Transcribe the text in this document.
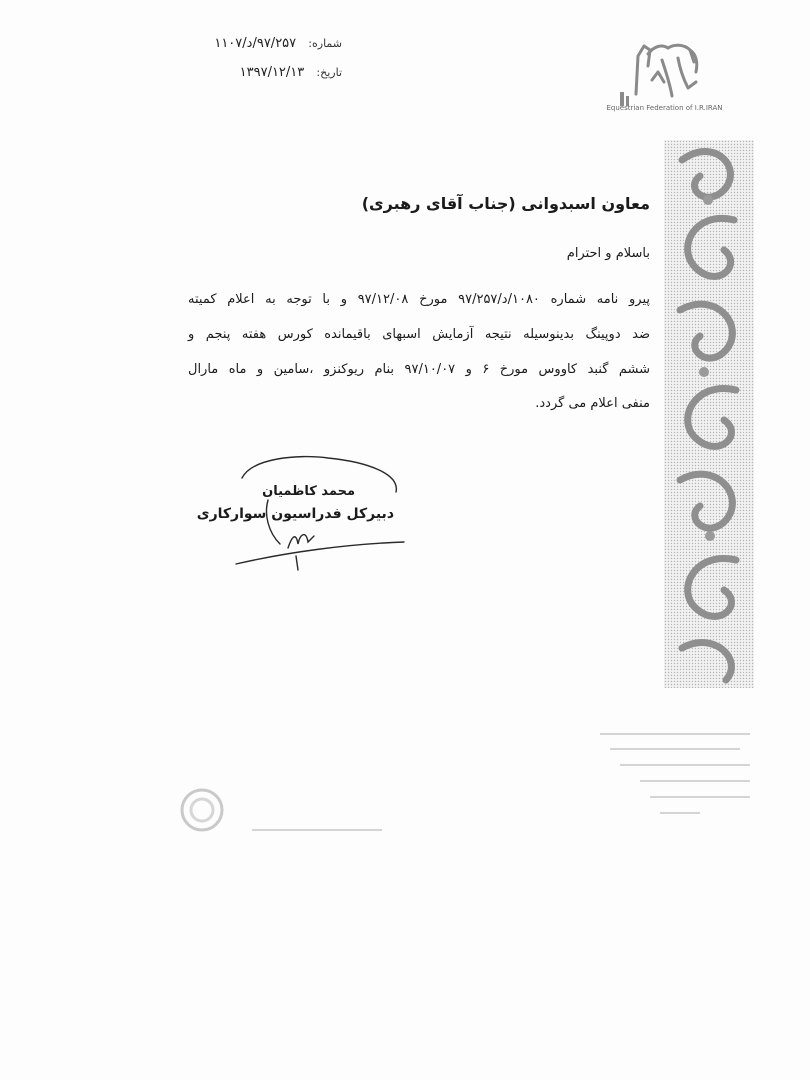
شماره: ۹۷/۲۵۷/د/۱۱۰۷
تاریخ: ۱۳۹۷/۱۲/۱۳
Equestrian Federation of I.R.IRAN
معاون اسبدوانی (جناب آقای رهبری)
باسلام و احترام
پیرو نامه شماره ۱۰۸۰/د/۹۷/۲۵۷ مورخ ۹۷/۱۲/۰۸ و با توجه به اعلام کمیته
ضد دوپینگ بدینوسیله نتیجه آزمایش اسبهای باقیمانده کورس هفته پنجم و
ششم گنبد کاووس مورخ ۶ و ۹۷/۱۰/۰۷ بنام ریوکنزو ،سامین و ماه مارال
منفی اعلام می گردد.
محمد کاظمیان
دبیرکل فدراسیون سوارکاری
